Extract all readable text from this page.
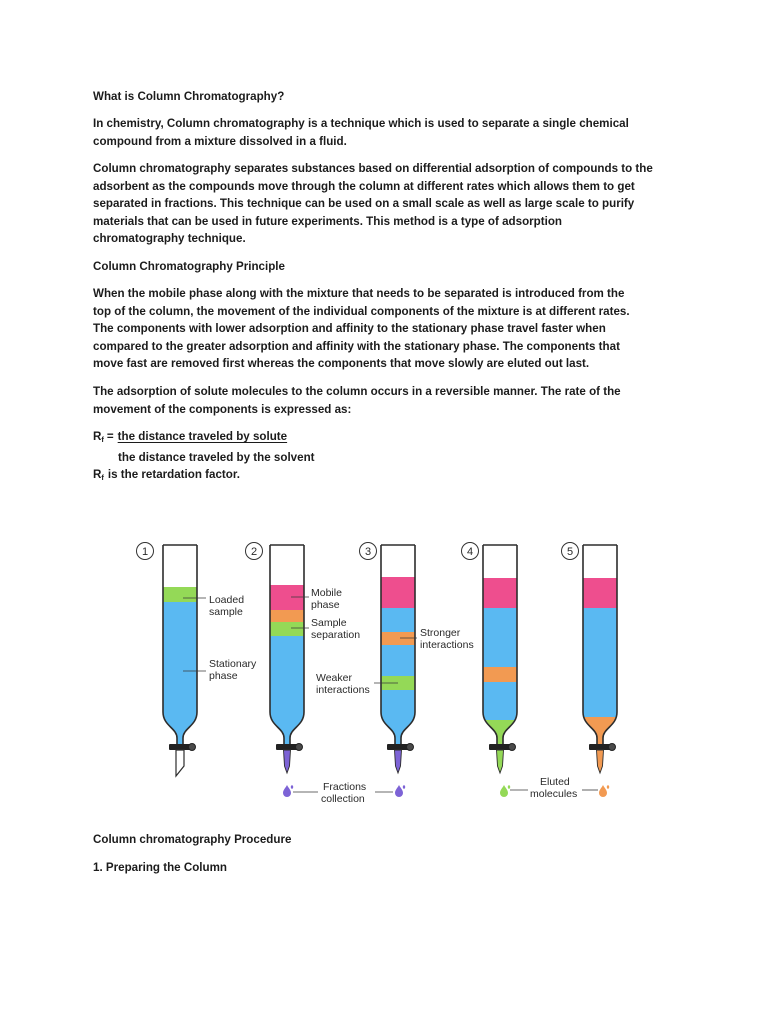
What is Column Chromatography?
In chemistry, Column chromatography is a technique which is used to separate a single chemical
compound from a mixture dissolved in a fluid.
Column chromatography separates substances based on differential adsorption of compounds to the
adsorbent as the compounds move through the column at different rates which allows them to get
separated in fractions. This technique can be used on a small scale as well as large scale to purify
materials that can be used in future experiments. This method is a type of adsorption
chromatography technique.
Column Chromatography Principle
When the mobile phase along with the mixture that needs to be separated is introduced from the
top of the column, the movement of the individual components of the mixture is at different rates.
The components with lower adsorption and affinity to the stationary phase travel faster when
compared to the greater adsorption and affinity with the stationary phase. The components that
move fast are removed first whereas the components that move slowly are eluted out last.
The adsorption of solute molecules to the column occurs in a reversible manner. The rate of the
movement of the components is expressed as:
$R_f$ = the distance traveled by solute
the distance traveled by the solvent
$R_f$ is the retardation factor.
1	2	3	4	5
Loaded sample
Stationary phase
Mobile phase
Sample separation	Stronger interactions
Weaker interactions
Fractions collection
Eluted molecules
Column chromatography Procedure
1. Preparing the Column
